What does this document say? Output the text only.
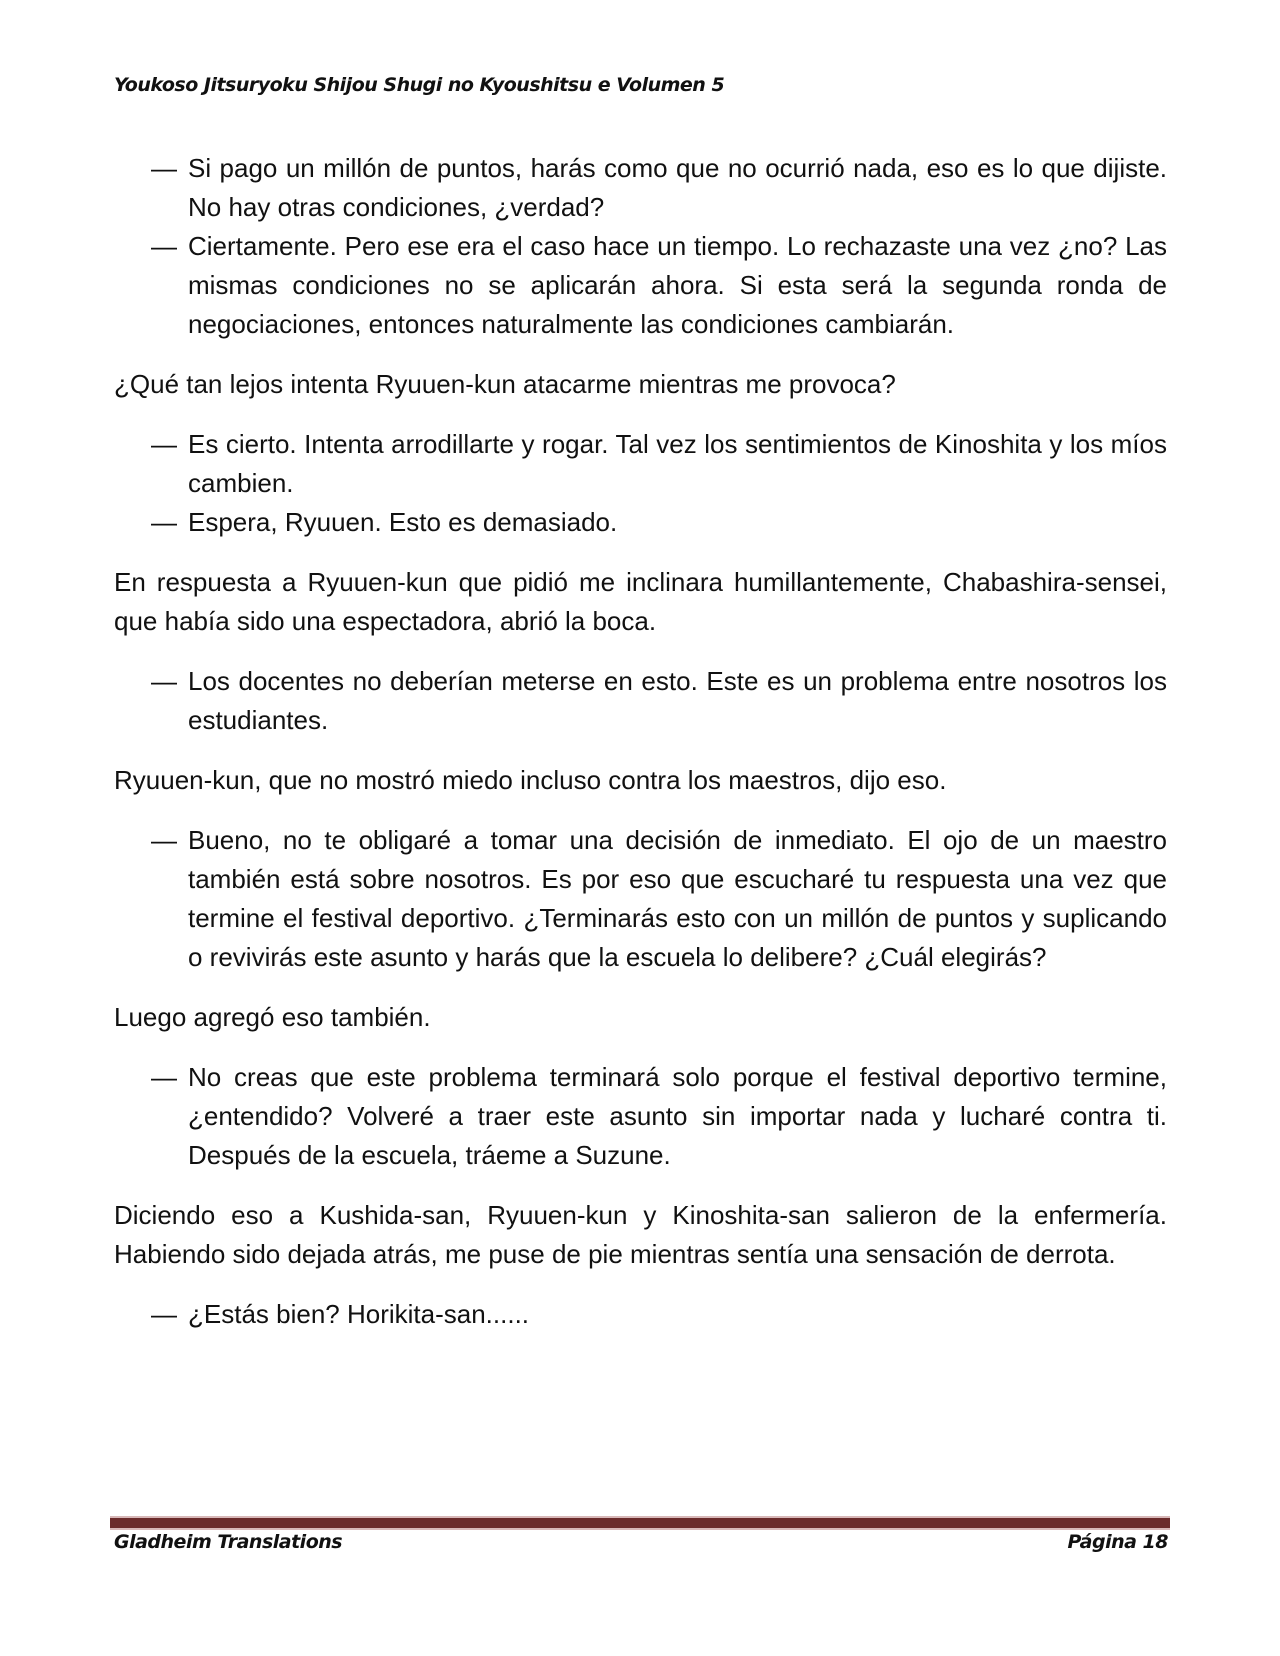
Youkoso Jitsuryoku Shijou Shugi no Kyoushitsu e Volumen 5

— Si pago un millón de puntos, harás como que no ocurrió nada, eso es lo que dijiste. No hay otras condiciones, ¿verdad?

— Ciertamente. Pero ese era el caso hace un tiempo. Lo rechazaste una vez ¿no? Las mismas condiciones no se aplicarán ahora. Si esta será la segunda ronda de negociaciones, entonces naturalmente las condiciones cambiarán.

¿Qué tan lejos intenta Ryuuen-kun atacarme mientras me provoca?

— Es cierto. Intenta arrodillarte y rogar. Tal vez los sentimientos de Kinoshita y los míos cambien.

— Espera, Ryuuen. Esto es demasiado.

En respuesta a Ryuuen-kun que pidió me inclinara humillantemente, Chabashira-sensei, que había sido una espectadora, abrió la boca.

— Los docentes no deberían meterse en esto. Este es un problema entre nosotros los estudiantes.

Ryuuen-kun, que no mostró miedo incluso contra los maestros, dijo eso.

— Bueno, no te obligaré a tomar una decisión de inmediato. El ojo de un maestro también está sobre nosotros. Es por eso que escucharé tu respuesta una vez que termine el festival deportivo. ¿Terminarás esto con un millón de puntos y suplicando o revivirás este asunto y harás que la escuela lo delibere? ¿Cuál elegirás?

Luego agregó eso también.

— No creas que este problema terminará solo porque el festival deportivo termine, ¿entendido? Volveré a traer este asunto sin importar nada y lucharé contra ti. Después de la escuela, tráeme a Suzune.

Diciendo eso a Kushida-san, Ryuuen-kun y Kinoshita-san salieron de la enfermería. Habiendo sido dejada atrás, me puse de pie mientras sentía una sensación de derrota.

— ¿Estás bien? Horikita-san......

Gladheim Translations	Página 18
